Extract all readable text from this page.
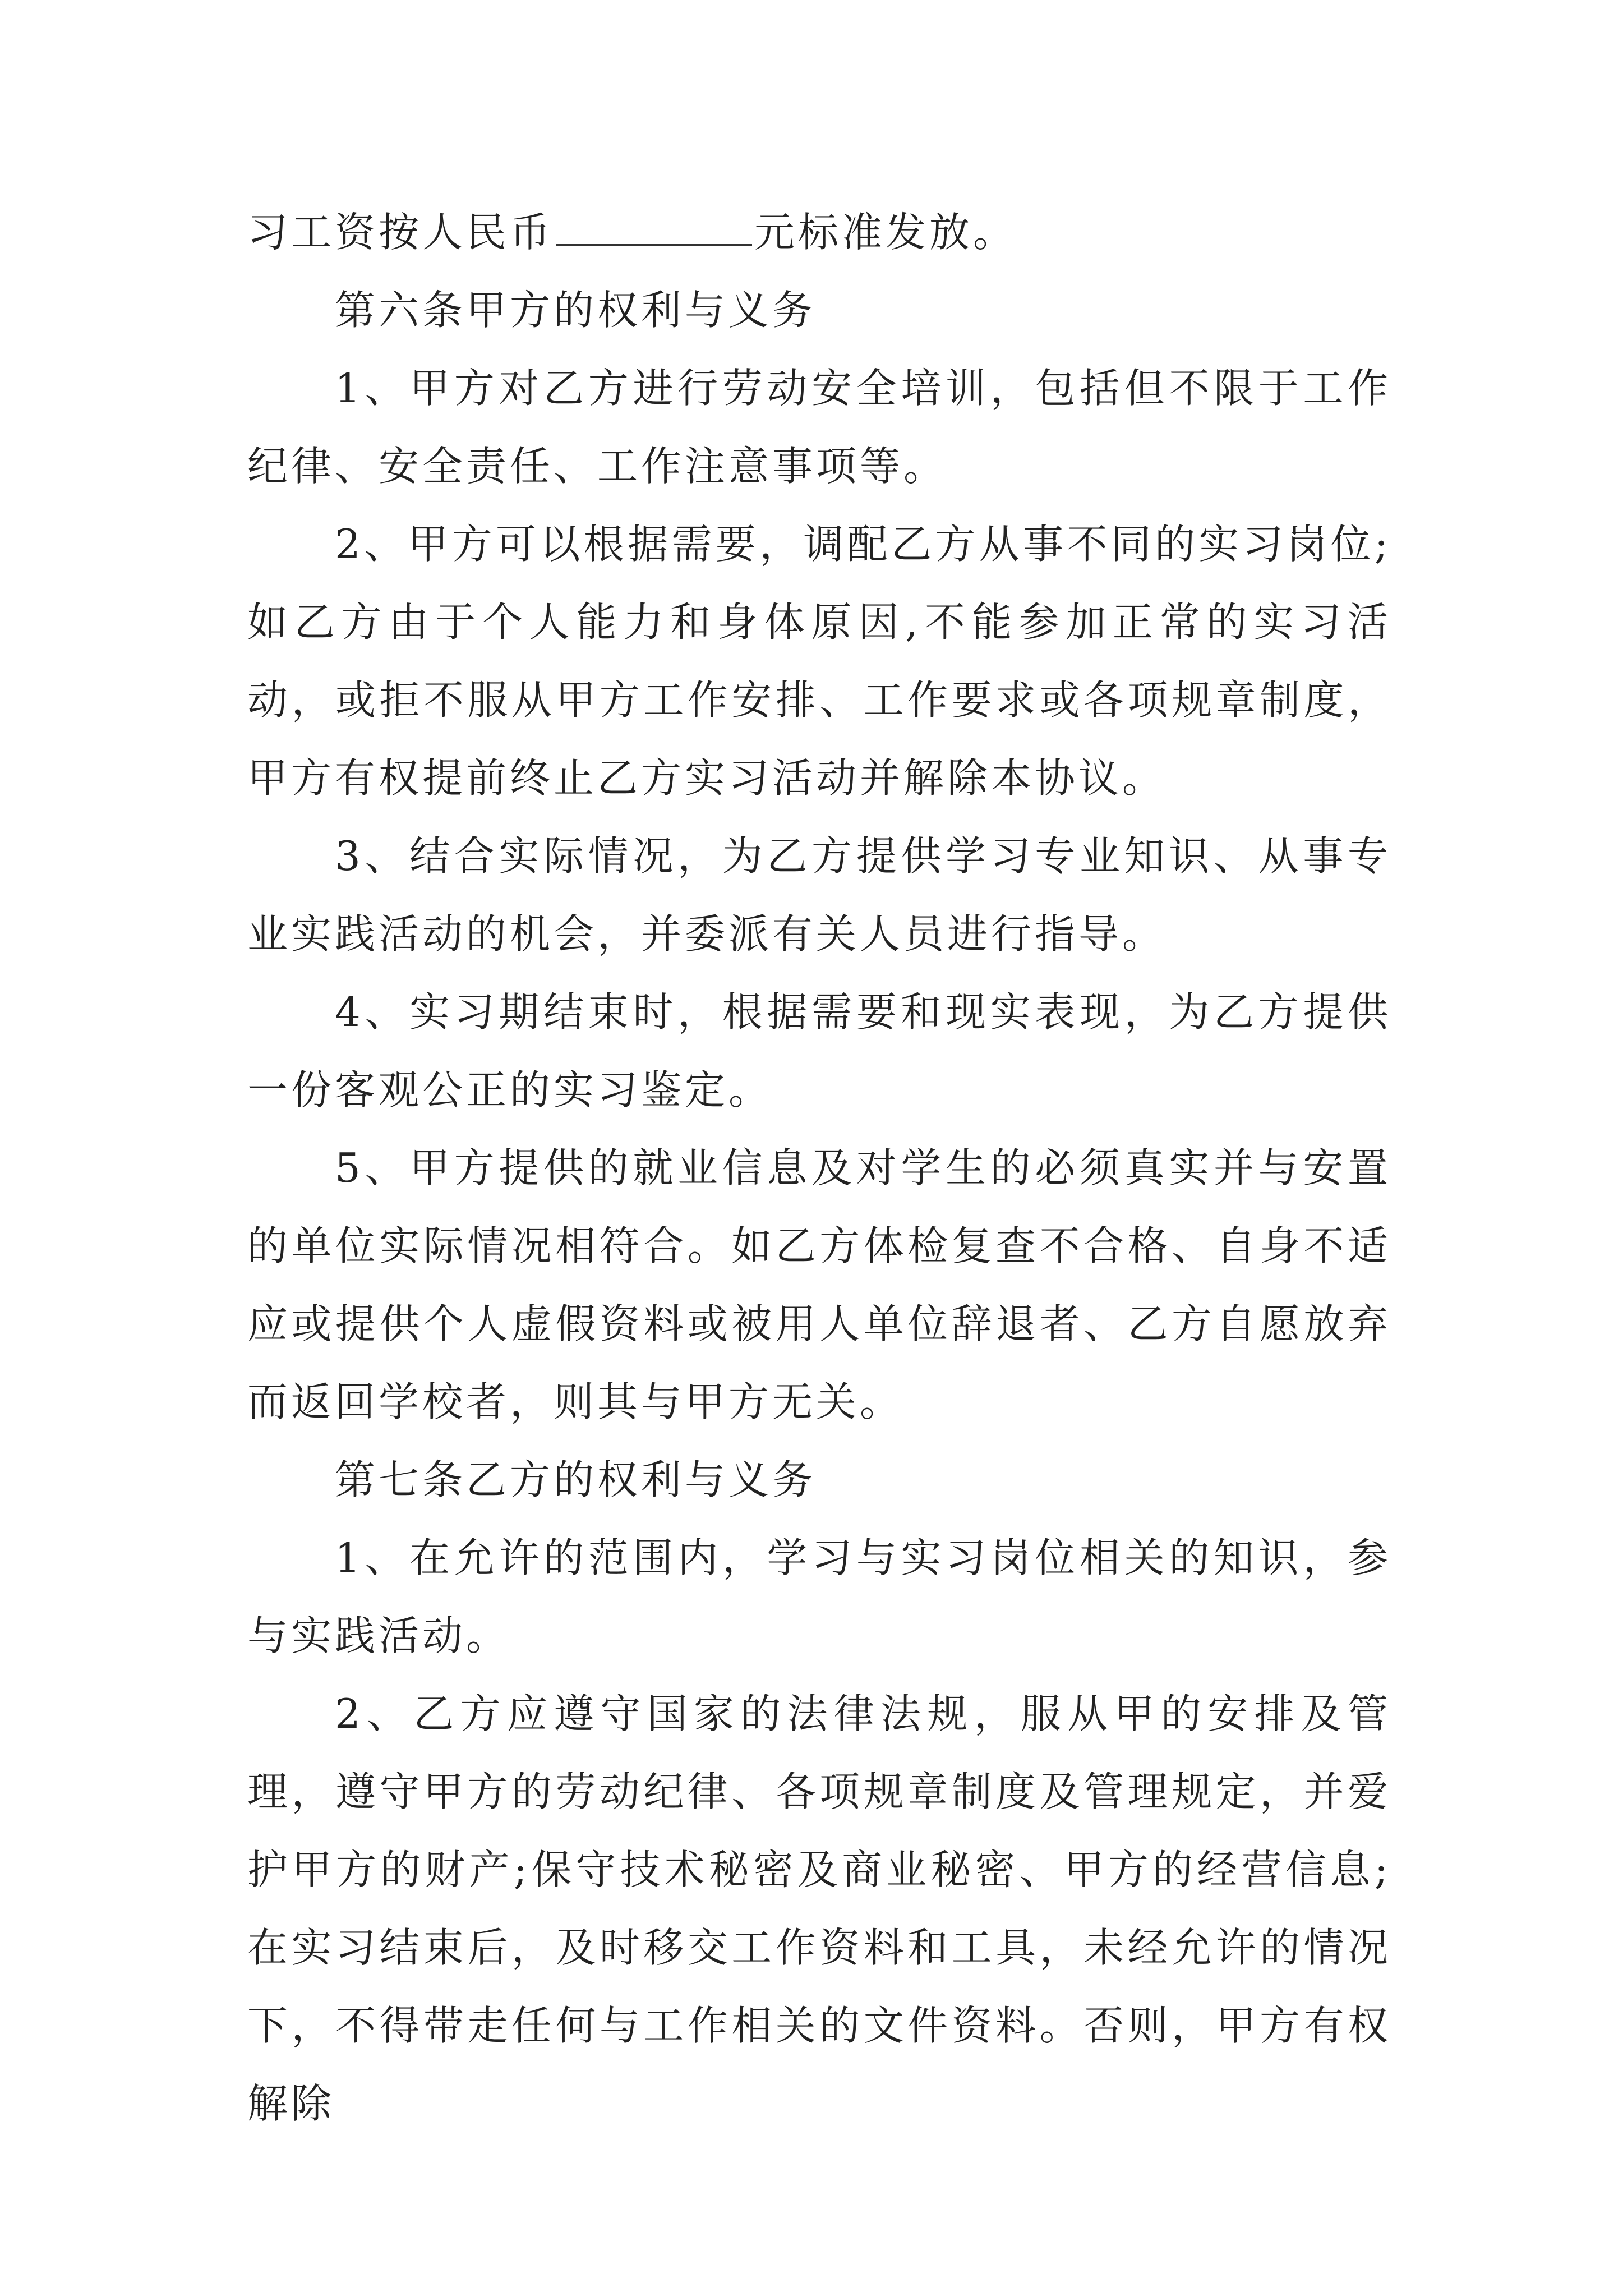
习工资按人民币	元标准发放。

第六条甲方的权利与义务

1、甲方对乙方进行劳动安全培训，包括但不限于工作纪律、安全责任、工作注意事项等。

2、甲方可以根据需要，调配乙方从事不同的实习岗位;如乙方由于个人能力和身体原因,不能参加正常的实习活动，或拒不服从甲方工作安排、工作要求或各项规章制度，甲方有权提前终止乙方实习活动并解除本协议。

3、结合实际情况，为乙方提供学习专业知识、从事专业实践活动的机会，并委派有关人员进行指导。

4、实习期结束时，根据需要和现实表现，为乙方提供一份客观公正的实习鉴定。

5、甲方提供的就业信息及对学生的必须真实并与安置的单位实际情况相符合。如乙方体检复查不合格、自身不适应或提供个人虚假资料或被用人单位辞退者、乙方自愿放弃而返回学校者，则其与甲方无关。

第七条乙方的权利与义务

1、在允许的范围内，学习与实习岗位相关的知识，参与实践活动。

2、乙方应遵守国家的法律法规，服从甲的安排及管理，遵守甲方的劳动纪律、各项规章制度及管理规定，并爱护甲方的财产;保守技术秘密及商业秘密、甲方的经营信息;在实习结束后，及时移交工作资料和工具，未经允许的情况下，不得带走任何与工作相关的文件资料。否则，甲方有权解除
